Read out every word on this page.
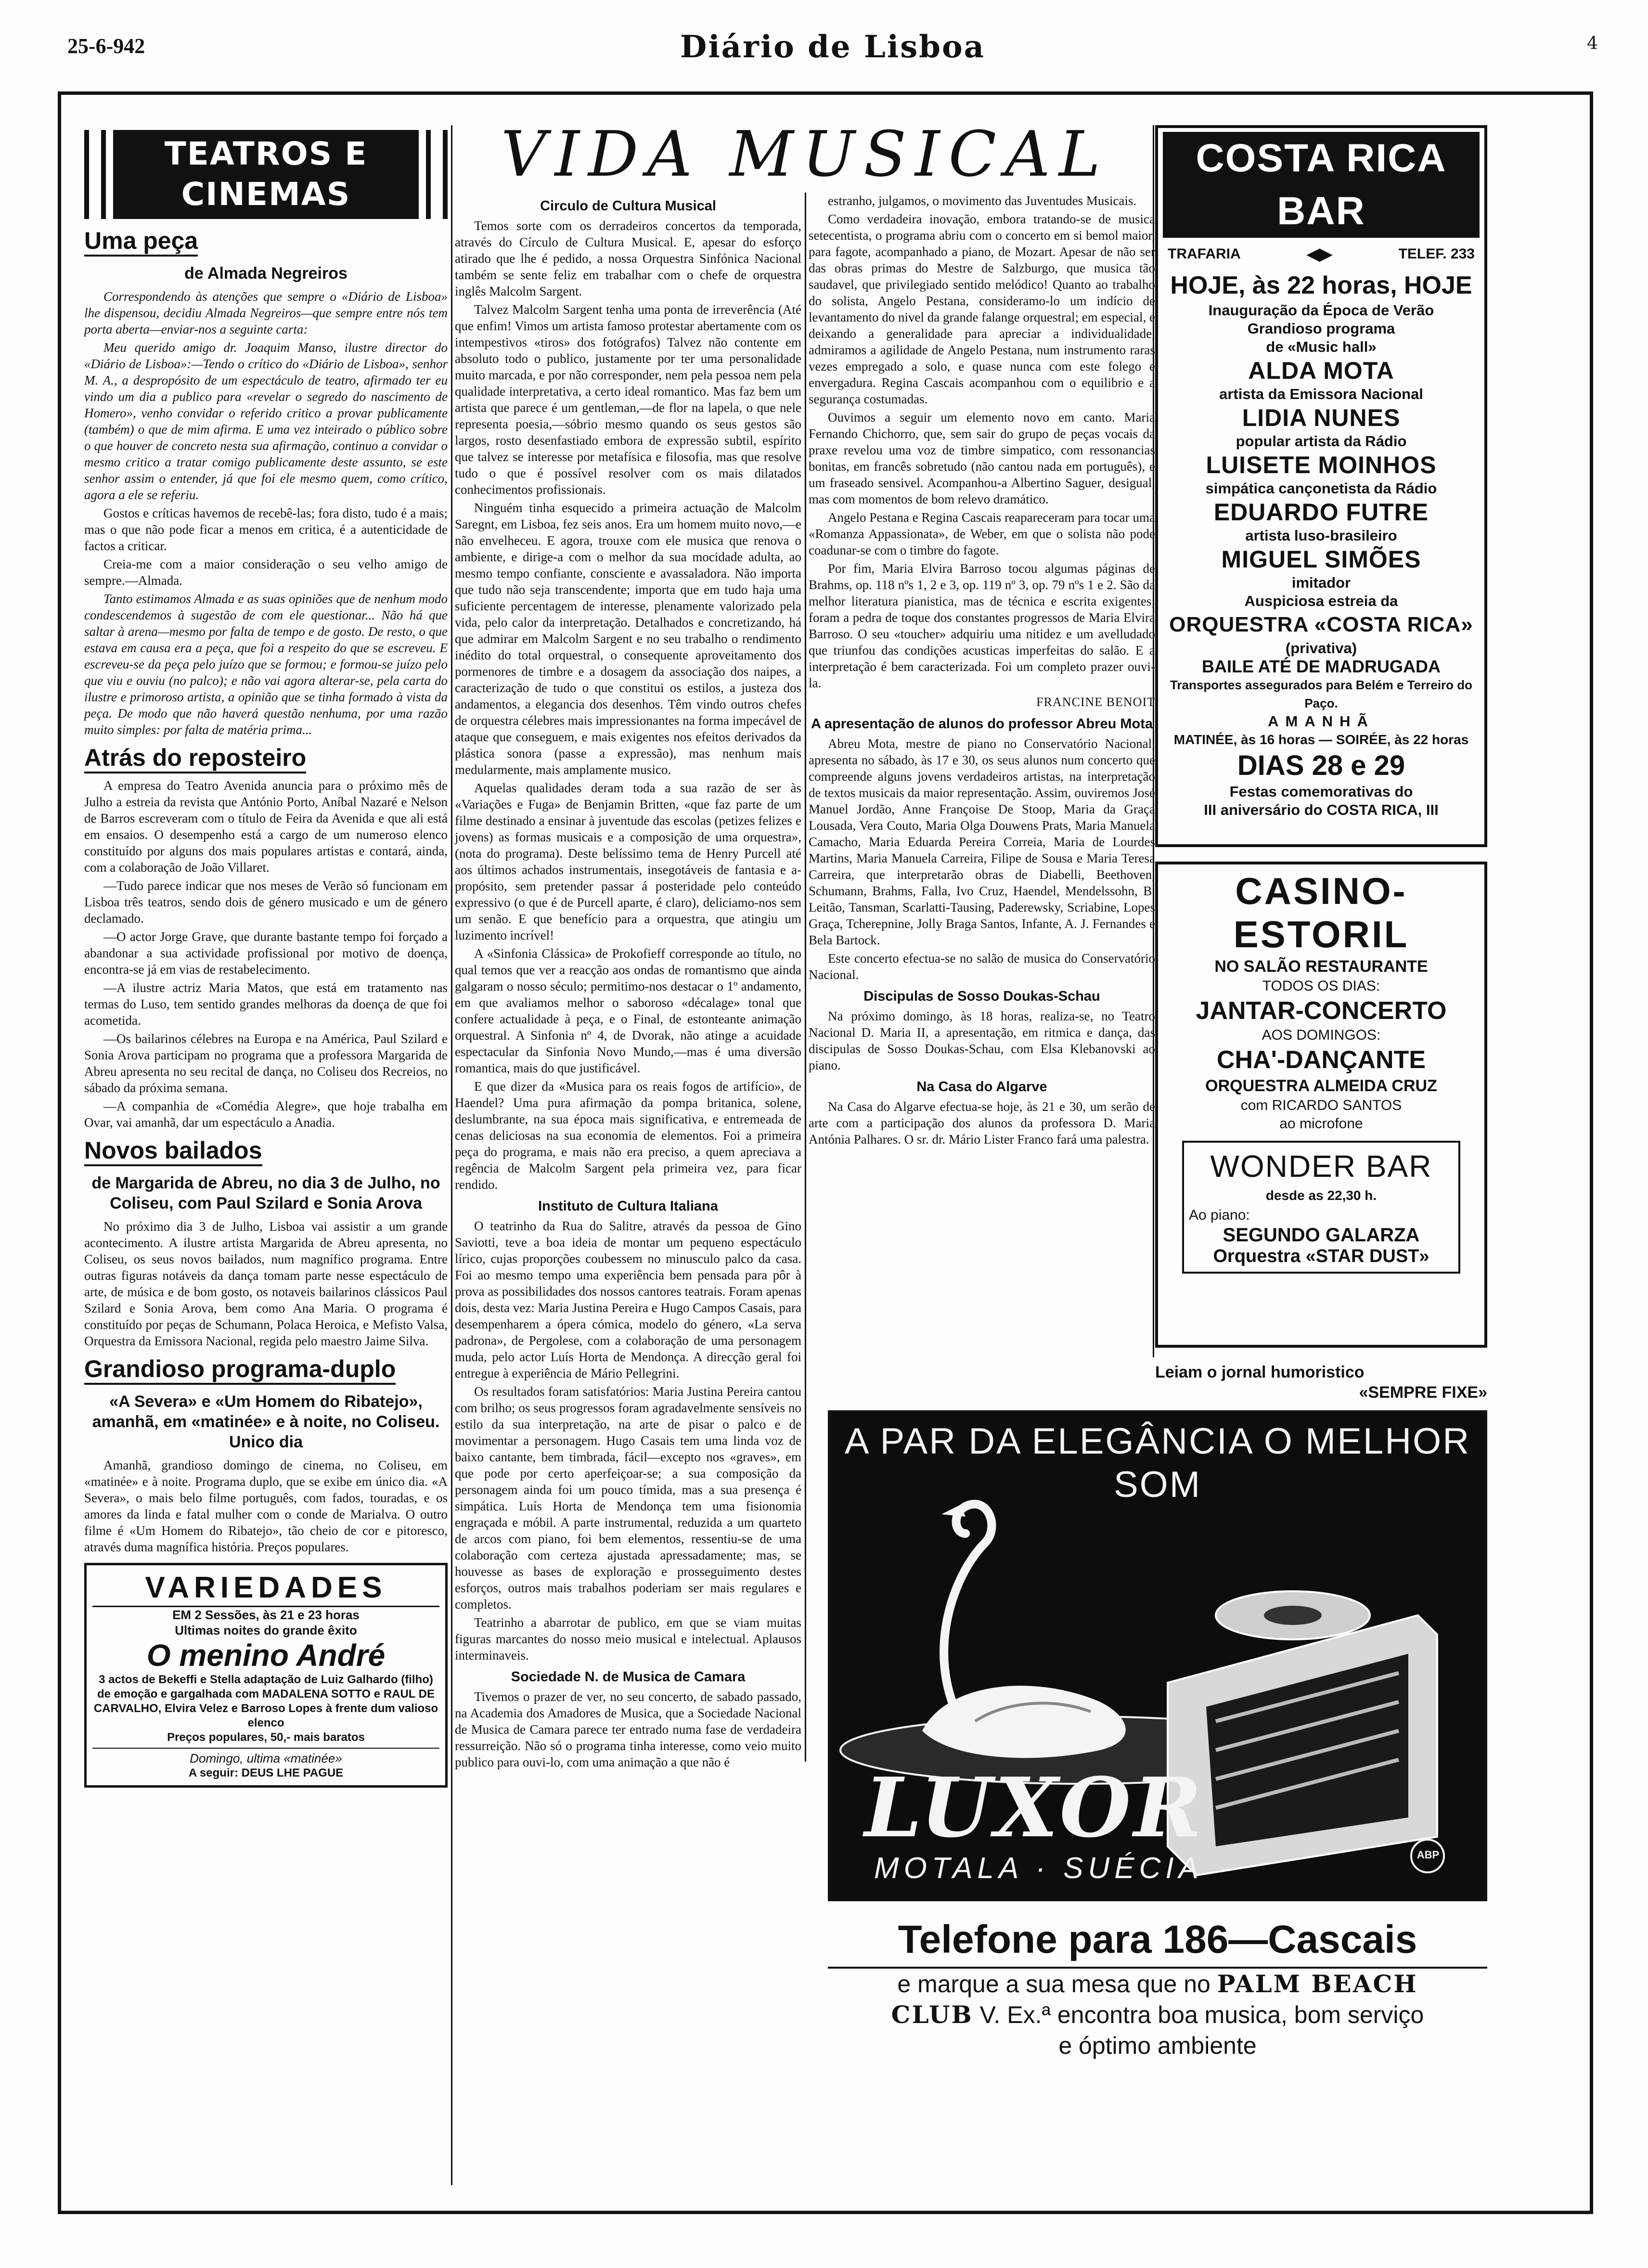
25-6-942	Diário de Lisboa	4
TEATROS E CINEMAS
Uma peça
de Almada Negreiros

Correspondendo às atenções que sempre o «Diário de Lisboa» lhe dispensou, decidiu Almada Negreiros—que sempre entre nós tem porta aberta—enviar-nos a seguinte carta:

Meu querido amigo dr. Joaquim Manso, ilustre director do «Diário de Lisboa»:—Tendo o crítico do «Diário de Lisboa», senhor M. A., a despropósito de um espectáculo de teatro, afirmado ter eu vindo um dia a publico para «revelar o segredo do nascimento de Homero», venho convidar o referido critico a provar publicamente (também) o que de mim afirma. E uma vez inteirado o público sobre o que houver de concreto nesta sua afirmação, continuo a convidar o mesmo critico a tratar comigo publicamente deste assunto, se este senhor assim o entender, já que foi ele mesmo quem, como crítico, agora a ele se referiu.

Gostos e críticas havemos de recebê-las; fora disto, tudo é a mais; mas o que não pode ficar a menos em critica, é a autenticidade de factos a criticar.

Creia-me com a maior consideração o seu velho amigo de sempre.—Almada.

Tanto estimamos Almada e as suas opiniões que de nenhum modo condescendemos à sugestão de com ele questionar... Não há que saltar à arena—mesmo por falta de tempo e de gosto. De resto, o que estava em causa era a peça, que foi a respeito do que se escreveu. E escreveu-se da peça pelo juízo que se formou; e formou-se juízo pelo que viu e ouviu (no palco); e não vai agora alterar-se, pela carta do ilustre e primoroso artista, a opinião que se tinha formado à vista da peça. De modo que não haverá questão nenhuma, por uma razão muito simples: por falta de matéria prima...

Atrás do reposteiro

A empresa do Teatro Avenida anuncia para o próximo mês de Julho a estreia da revista que António Porto, Aníbal Nazaré e Nelson de Barros escreveram com o título de Feira da Avenida e que ali está em ensaios. O desempenho está a cargo de um numeroso elenco constituído por alguns dos mais populares artistas e contará, ainda, com a colaboração de João Villaret.

—Tudo parece indicar que nos meses de Verão só funcionam em Lisboa três teatros, sendo dois de género musicado e um de género declamado.

—O actor Jorge Grave, que durante bastante tempo foi forçado a abandonar a sua actividade profissional por motivo de doença, encontra-se já em vias de restabelecimento.

—A ilustre actriz Maria Matos, que está em tratamento nas termas do Luso, tem sentido grandes melhoras da doença de que foi acometida.

—Os bailarinos célebres na Europa e na América, Paul Szilard e Sonia Arova participam no programa que a professora Margarida de Abreu apresenta no seu recital de dança, no Coliseu dos Recreios, no sábado da próxima semana.

—A companhia de «Comédia Alegre», que hoje trabalha em Ovar, vai amanhã, dar um espectáculo a Anadia.

Novos bailados
de Margarida de Abreu, no dia 3 de Julho, no Coliseu, com Paul Szilard e Sonia Arova

No próximo dia 3 de Julho, Lisboa vai assistir a um grande acontecimento. A ilustre artista Margarida de Abreu apresenta, no Coliseu, os seus novos bailados, num magnífico programa. Entre outras figuras notáveis da dança tomam parte nesse espectáculo de arte, de música e de bom gosto, os notaveis bailarinos clássicos Paul Szilard e Sonia Arova, bem como Ana Maria. O programa é constituído por peças de Schumann, Polaca Heroica, e Mefisto Valsa, Orquestra da Emissora Nacional, regida pelo maestro Jaime Silva.

Grandioso programa-duplo
«A Severa» e «Um Homem do Ribatejo», amanhã, em «matinée» e à noite, no Coliseu. Unico dia

Amanhã, grandioso domingo de cinema, no Coliseu, em «matinée» e à noite. Programa duplo, que se exibe em único dia. «A Severa», o mais belo filme português, com fados, touradas, e os amores da linda e fatal mulher com o conde de Marialva. O outro filme é «Um Homem do Ribatejo», tão cheio de cor e pitoresco, através duma magnífica história. Preços populares.

VARIEDADES
EM 2 Sessões, às 21 e 23 horas
Ultimas noites do grande êxito
O menino André
3 actos de Bekeffi e Stella adaptação de Luiz Galhardo (filho) de emoção e gargalhada com MADALENA SOTTO e RAUL DE CARVALHO, Elvira Velez e Barroso Lopes à frente dum valioso elenco
Preços populares, 50,- mais baratos
Domingo, ultima «matinée»
A seguir: DEUS LHE PAGUE
VIDA MUSICAL
Circulo de Cultura Musical

Temos sorte com os derradeiros concertos da temporada, através do Círculo de Cultura Musical. E, apesar do esforço atirado que lhe é pedido, a nossa Orquestra Sinfónica Nacional também se sente feliz em trabalhar com o chefe de orquestra inglês Malcolm Sargent.

Talvez Malcolm Sargent tenha uma ponta de irreverência (Até que enfim! Vimos um artista famoso protestar abertamente com os intempestivos «tiros» dos fotógrafos) Talvez não contente em absoluto todo o publico, justamente por ter uma personalidade muito marcada, e por não corresponder, nem pela pessoa nem pela qualidade interpretativa, a certo ideal romantico. Mas faz bem um artista que parece é um gentleman,—de flor na lapela, o que nele representa poesia,—sóbrio mesmo quando os seus gestos são largos, rosto desenfastiado embora de expressão subtil, espírito que talvez se interesse por metafísica e filosofia, mas que resolve tudo o que é possível resolver com os mais dilatados conhecimentos profissionais.

Ninguém tinha esquecido a primeira actuação de Malcolm Saregnt, em Lisboa, fez seis anos. Era um homem muito novo,—e não envelheceu. E agora, trouxe com ele musica que renova o ambiente, e dirige-a com o melhor da sua mocidade adulta, ao mesmo tempo confiante, consciente e avassaladora. Não importa que tudo não seja transcendente; importa que em tudo haja uma suficiente percentagem de interesse, plenamente valorizado pela vida, pelo calor da interpretação. Detalhados e concretizando, há que admirar em Malcolm Sargent e no seu trabalho o rendimento inédito do total orquestral, o consequente aproveitamento dos pormenores de timbre e a dosagem da associação dos naipes, a caracterização de tudo o que constitui os estilos, a justeza dos andamentos, a elegancia dos desenhos. Têm vindo outros chefes de orquestra célebres mais impressionantes na forma impecável de ataque que conseguem, e mais exigentes nos efeitos derivados da plástica sonora (passe a expressão), mas nenhum mais medularmente, mais amplamente musico.

Aquelas qualidades deram toda a sua razão de ser às «Variações e Fuga» de Benjamin Britten, «que faz parte de um filme destinado a ensinar à juventude das escolas (petizes felizes e jovens) as formas musicais e a composição de uma orquestra», (nota do programa). Deste belíssimo tema de Henry Purcell até aos últimos achados instrumentais, insegotáveis de fantasia e a-propósito, sem pretender passar á posteridade pelo conteúdo expressivo (o que é de Purcell aparte, é claro), deliciamo-nos sem um senão. E que benefício para a orquestra, que atingiu um luzimento incrível!

A «Sinfonia Clássica» de Prokofieff corresponde ao título, no qual temos que ver a reacção aos ondas de romantismo que ainda galgaram o nosso século; permitimo-nos destacar o 1º andamento, em que avaliamos melhor o saboroso «décalage» tonal que confere actualidade à peça, e o Final, de estonteante animação orquestral. A Sinfonia nº 4, de Dvorak, não atinge a acuidade espectacular da Sinfonia Novo Mundo,—mas é uma diversão romantica, mais do que justificável.

E que dizer da «Musica para os reais fogos de artifício», de Haendel? Uma pura afirmação da pompa britanica, solene, deslumbrante, na sua época mais significativa, e entremeada de cenas deliciosas na sua economia de elementos. Foi a primeira peça do programa, e mais não era preciso, a quem apreciava a regência de Malcolm Sargent pela primeira vez, para ficar rendido.

Instituto de Cultura Italiana

O teatrinho da Rua do Salitre, através da pessoa de Gino Saviotti, teve a boa ideia de montar um pequeno espectáculo lírico, cujas proporções coubessem no minusculo palco da casa. Foi ao mesmo tempo uma experiência bem pensada para pôr à prova as possibilidades dos nossos cantores teatrais. Foram apenas dois, desta vez: Maria Justina Pereira e Hugo Campos Casais, para desempenharem a ópera cómica, modelo do género, «La serva padrona», de Pergolese, com a colaboração de uma personagem muda, pelo actor Luís Horta de Mendonça. A direcção geral foi entregue à experiência de Mário Pellegrini.

Os resultados foram satisfatórios: Maria Justina Pereira cantou com brilho; os seus progressos foram agradavelmente sensíveis no estilo da sua interpretação, na arte de pisar o palco e de movimentar a personagem. Hugo Casais tem uma linda voz de baixo cantante, bem timbrada, fácil—excepto nos «graves», em que pode por certo aperfeiçoar-se; a sua composição da personagem ainda foi um pouco tímida, mas a sua presença é simpática. Luís Horta de Mendonça tem uma fisionomia engraçada e móbil. A parte instrumental, reduzida a um quarteto de arcos com piano, foi bem elementos, ressentiu-se de uma colaboração com certeza ajustada apressadamente; mas, se houvesse as bases de exploração e prosseguimento destes esforços, outros mais trabalhos poderiam ser mais regulares e completos.

Teatrinho a abarrotar de publico, em que se viam muitas figuras marcantes do nosso meio musical e intelectual. Aplausos interminaveis.

Sociedade N. de Musica de Camara

Tivemos o prazer de ver, no seu concerto, de sabado passado, na Academia dos Amadores de Musica, que a Sociedade Nacional de Musica de Camara parece ter entrado numa fase de verdadeira ressurreição. Não só o programa tinha interesse, como veio muito publico para ouvi-lo, com uma animação a que não é

estranho, julgamos, o movimento das Juventudes Musicais.

Como verdadeira inovação, embora tratando-se de musica setecentista, o programa abriu com o concerto em si bemol maior, para fagote, acompanhado a piano, de Mozart. Apesar de não ser das obras primas do Mestre de Salzburgo, que musica tão saudavel, que privilegiado sentido melódico! Quanto ao trabalho do solista, Angelo Pestana, consideramo-lo um indício de levantamento do nivel da grande falange orquestral; em especial, e deixando a generalidade para apreciar a individualidade, admiramos a agilidade de Angelo Pestana, num instrumento raras vezes empregado a solo, e quase nunca com este folego e envergadura. Regina Cascais acompanhou com o equilibrio e a segurança costumadas.

Ouvimos a seguir um elemento novo em canto. Maria Fernando Chichorro, que, sem sair do grupo de peças vocais da praxe revelou uma voz de timbre simpatico, com ressonancias bonitas, em francês sobretudo (não cantou nada em português), e um fraseado sensivel. Acompanhou-a Albertino Saguer, desigual, mas com momentos de bom relevo dramático.

Angelo Pestana e Regina Cascais reapareceram para tocar uma «Romanza Appassionata», de Weber, em que o solista não pode coadunar-se com o timbre do fagote.

Por fim, Maria Elvira Barroso tocou algumas páginas de Brahms, op. 118 nºs 1, 2 e 3, op. 119 nº 3, op. 79 nºs 1 e 2. São da melhor literatura pianistica, mas de técnica e escrita exigentes; foram a pedra de toque dos constantes progressos de Maria Elvira Barroso. O seu «toucher» adquiriu uma nitidez e um avelludado que triunfou das condições acusticas imperfeitas do salão. E a interpretação é bem caracterizada. Foi um completo prazer ouvi-la.

FRANCINE BENOIT
A apresentação de alunos do professor Abreu Mota

Abreu Mota, mestre de piano no Conservatório Nacional, apresenta no sábado, às 17 e 30, os seus alunos num concerto que compreende alguns jovens verdadeiros artistas, na interpretação de textos musicais da maior representação. Assim, ouviremos José Manuel Jordão, Anne Françoise De Stoop, Maria da Graça Lousada, Vera Couto, Maria Olga Douwens Prats, Maria Manuela Camacho, Maria Eduarda Pereira Correia, Maria de Lourdes Martins, Maria Manuela Carreira, Filipe de Sousa e Maria Teresa Carreira, que interpretarão obras de Diabelli, Beethoven, Schumann, Brahms, Falla, Ivo Cruz, Haendel, Mendelssohn, B. Leitão, Tansman, Scarlatti-Tausing, Paderewsky, Scriabine, Lopes Graça, Tcherepnine, Jolly Braga Santos, Infante, A. J. Fernandes e Bela Bartock.

Este concerto efectua-se no salão de musica do Conservatório Nacional.

Discipulas de Sosso Doukas-Schau

Na próximo domingo, às 18 horas, realiza-se, no Teatro Nacional D. Maria II, a apresentação, em ritmica e dança, das discipulas de Sosso Doukas-Schau, com Elsa Klebanovski ao piano.

Na Casa do Algarve

Na Casa do Algarve efectua-se hoje, às 21 e 30, um serão de arte com a participação dos alunos da professora D. Maria Antónia Palhares. O sr. dr. Mário Lister Franco fará uma palestra.

COSTA RICA BAR
TRAFARIA	◀▶	TELEF. 233
HOJE, às 22 horas, HOJE
Inauguração da Época de Verão
Grandioso programa
de «Music hall»
ALDA MOTA
artista da Emissora Nacional
LIDIA NUNES
popular artista da Rádio
LUISETE MOINHOS
simpática cançonetista da Rádio
EDUARDO FUTRE
artista luso-brasileiro
MIGUEL SIMÕES
imitador
Auspiciosa estreia da
ORQUESTRA «COSTA RICA»
(privativa)
BAILE ATÉ DE MADRUGADA
Transportes assegurados para Belém e Terreiro do Paço.
AMANHÃ
MATINÉE, às 16 horas — SOIRÉE, às 22 horas
DIAS 28 e 29
Festas comemorativas do
III aniversário do COSTA RICA, III
CASINO-ESTORIL
NO SALÃO RESTAURANTE
TODOS OS DIAS:
JANTAR-CONCERTO
AOS DOMINGOS:
CHA'-DANÇANTE
ORQUESTRA ALMEIDA CRUZ
com RICARDO SANTOS
ao microfone
WONDER BAR
desde as 22,30 h.
Ao piano:
SEGUNDO GALARZA
Orquestra «STAR DUST»
Leiam o jornal humoristico
«SEMPRE FIXE»
A PAR DA ELEGÂNCIA O MELHOR SOM
LUXOR
MOTALA · SUÉCIA	ABP
Telefone para 186—Cascais
e marque a sua mesa que no PALM BEACH
CLUB V. Ex.ª encontra boa musica, bom serviço
e óptimo ambiente
